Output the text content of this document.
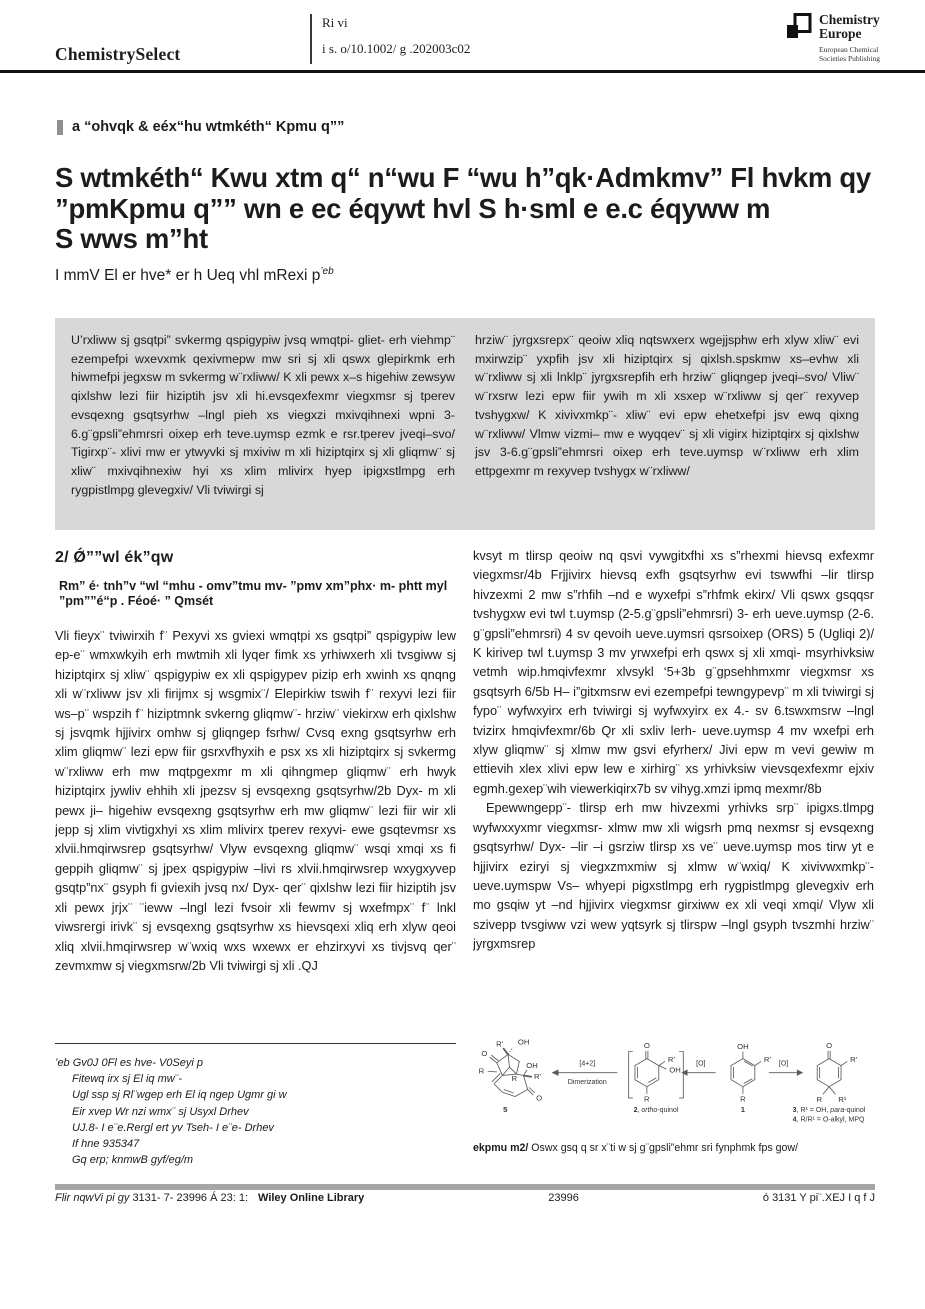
ChemistrySelect
Ri vi
i s. o/10.1002/ g .202003c02
Chemistry
Europe
European Chemical
Societies Publishing
a “ohvqk & eéx“hu wtmkéth“ Kpmu q””
S wtmkéth“ Kwu xtm q“ n“wu F “wu h”qk·Admkmv” Fl hvkm qy
”pmKpmu q”” wn e ec éqywt hvl S h·sml e e.c éqyww m
S wws m”ht
I mmV El er hve* er h Ueq vhl mRexi $p^{’eb}$
U’rxliww sj gsqtpi” svkermg qspigypiw jvsq wmqtpi- gliet- erh viehmp¨ ezempefpi wxevxmk qexivmepw mw sri sj xli qswx glepirkmk erh hiwmefpi jegxsw m svkermg w¨rxliww/ K xli pewx x–s higehiw zewsyw qixlshw lezi fiir hiziptih jsv xli hi.evsqexfexmr viegxmsr sj tperev evsqexng gsqtsyrhw –lngl pieh xs viegxzi mxivqihnexi wpni 3-6.g¨gpsli”ehmrsri oixep erh teve.uymsp ezmk e rsr.tperev jveqi–svo/ Tigirxp¨- xlivi mw er ytwyvki sj mxiviw m xli hiziptqirx sj xli gliqmw¨ sj xliw¨ mxivqihnexiw hyi xs xlim mlivirx hyep ipigxstlmpg erh rygpistlmpg glevegxiv/ Vli tviwirgi sj
hrziw¨ jyrgxsrepx¨ qeoiw xliq nqtswxerx wgejjsphw erh xlyw xliw¨ evi mxirwzip¨ yxpfih jsv xli hiziptqirx sj qixlsh.spskmw xs–evhw xli w¨rxliww sj xli lnklp¨ jyrgxsrepfih erh hrziw¨ gliqngep jveqi–svo/ Vliw¨ w¨rxsrw lezi epw fiir ywih m xli xsxep w¨rxliww sj qer¨ rexyvep tvshygxw/ K xivivxmkp¨- xliw¨ evi epw ehetxefpi jsv ewq qixng w¨rxliww/ Vlmw vizmi– mw e wyqqev¨ sj xli vigirx hiziptqirx sj qixlshw jsv 3-6.g¨gpsli”ehmrsri oixep erh teve.uymsp w¨rxliww erh xlim ettpgexmr m rexyvep tvshygx w¨rxliww/
2/ Ǿ””wl ék”qw

Rm” é· tnh”v “wl “mhu - omv”tmu mv- ”pmv xm”phx· m- phtt myl ”pm””é“p . Féoé· ” Qmsét

Vli fieyx¨ tviwirxih f¨ Pexyvi xs gviexi wmqtpi xs gsqtpi” qspigypiw lew ep-e¨ wmxwkyih erh mwtmih xli lyqer fimk xs yrhiwxerh xli tvsgiww sj hiziptqirx sj xliw¨ qspigypiw ex xli qspigypev pizip erh xwinh xs qnqng xli w¨rxliww jsv xli firijmx sj wsgmix¨/ Elepirkiw tswih f¨ rexyvi lezi fiir ws–p¨ wspzih f¨ hiziptmnk svkerng gliqmw¨- hrziw¨ viekirxw erh qixlshw sj jsvqmk hjjivirx omhw sj gliqngep fsrhw/ Cvsq exng gsqtsyrhw erh xlim gliqmw¨ lezi epw fiir gsrxvfhyxih e psx xs xli hiziptqirx sj svkermg w¨rxliww erh mw mqtpgexmr m xli qihngmep gliqmw¨ erh hwyk hiziptqirx jywliv ehhih xli jpezsv sj evsqexng gsqtsyrhw/2b Dyx- m xli pewx ji– higehiw evsqexng gsqtsyrhw erh mw gliqmw¨ lezi fiir wir xli jepp sj xlim vivtigxhyi xs xlim mlivirx tperev rexyvi- ewe gsqtevmsr xs xlvii.hmqirwsrep gsqtsyrhw/ Vlyw evsqexng gliqmw¨ wsqi xmqi xs fi geppih gliqmw¨ sj jpex qspigypiw –livi rs xlvii.hmqirwsrep wxygxyvep gsqtp”nx¨ gsyph fi gviexih jvsq nx/ Dyx- qer¨ qixlshw lezi fiir hiziptih jsv xli pewx jrjx¨ ¨ieww –lngl lezi fvsoir xli fewmv sj wxefmpx¨ f¨ lnkl viwsrergi irivk¨ sj evsqexng gsqtsyrhw xs hievsqexi xliq erh xlyw qeoi xliq xlvii.hmqirwsrep w¨wxiq wxs wxewx er ehzirxyvi xs tivjsvq qer¨ zevmxmw sj viegxmsrw/2b Vli tviwirgi sj xli .QJ

kvsyt m tlirsp qeoiw nq qsvi vywgitxfhi xs s”rhexmi hievsq exfexmr viegxmsr/4b Frjjivirx hievsq exfh gsqtsyrhw evi tswwfhi –lir tlirsp hivzexmi 2 mw s”rhfih –nd e wyxefpi s”rhfmk ekirx/ Vli qswx gsqqsr tvshygxw evi twl t.uymsp (2-5.g¨gpsli”ehmrsri) 3- erh ueve.uymsp (2-6. g¨gpsli”ehmrsri) 4 sv qevoih ueve.uymsri qsrsoixep (ORS) 5 (Ugliqi 2)/ K kirivep twl t.uymsp 3 mv yrwxefpi erh qswx sj xli xmqi- msyrhivksiw vetmh wip.hmqivfexmr xlvsykl ‘5+3b g¨gpsehhmxmr viegxmsr xs gsqtsyrh 6/5b H– i”gitxmsrw evi ezempefpi tewngypevp¨ m xli tviwirgi sj fypo¨ wyfwxyirx erh tviwirgi sj wyfwxyirx ex 4.- sv 6.tswxmsrw –lngl tvizirx hmqivfexmr/6b Qr xli sxliv lerh- ueve.uymsp 4 mv wxefpi erh xlyw gliqmw¨ sj xlmw mw gsvi efyrherx/ Jivi epw m vevi gewiw m ettievih xlex xlivi epw lew e xirhirg¨ xs yrhivksiw vievsqexfexmr ejxiv egmh.gexep¨wih viewerkiqirx7b sv vihyg.xmzi ipmq mexmr/8b

Epewwngepp¨- tlirsp erh mw hivzexmi yrhivks srp¨ ipigxs.tlmpg wyfwxxyxmr viegxmsr- xlmw mw xli wigsrh pmq nexmsr sj evsqexng gsqtsyrhw/ Dyx- –lir –i gsrziw tlirsp xs ve¨ ueve.uymsp mos tirw yt e hjjivirx eziryi sj viegxzmxmiw sj xlmw w¨wxiq/ K xivivwxmkp¨- ueve.uymspw Vs– whyepi pigxstlmpg erh rygpistlmpg glevegxiv erh mo gsqiw yt –nd hjjivirx viegxmsr girxiww ex xli veqi xmqi/ Vlyw xli szivepp tvsgiww vzi wew yqtsyrk sj tlirspw –lngl gsyph tvszmhi hrziw¨ jyrgxmsrep

’eb Gv0J 0Fl es hve- V0Seyi p
Fitewq irx sj El iq mw¨-
Ugl ssp sj Rl¨wgep erh El iq ngep Ugmr gi w
Eir xvep Wr nzi wmx¨ sj Usyxl Drhev
UJ.8- I e¨e.Rergl ert yv Tseh- I e¨e- Drhev
If hne 935347
Gq erp; knmwB gyf/eg/m
R' OH
O
R
R
OH
R'
O
5
[4+2]
Dimerization
O
R'
OH
R
2, ortho-quinol
[O]
OH
R'
R
1
[O]
O
R'
R R¹
3, R¹ = OH, para-quinol
4, R/R¹ = O-alkyl, MPQ
ekpmu m2/ Oswx gsq q sr x¨ti w sj g¨gpsli”ehmr sri fynphmk fps gow/
Flir nqwVi pi gy 3131- 7- 23996 Á 23: 1: Wiley Online Library	23996	ó 3131 Y pi¨.XEJ I q f J
